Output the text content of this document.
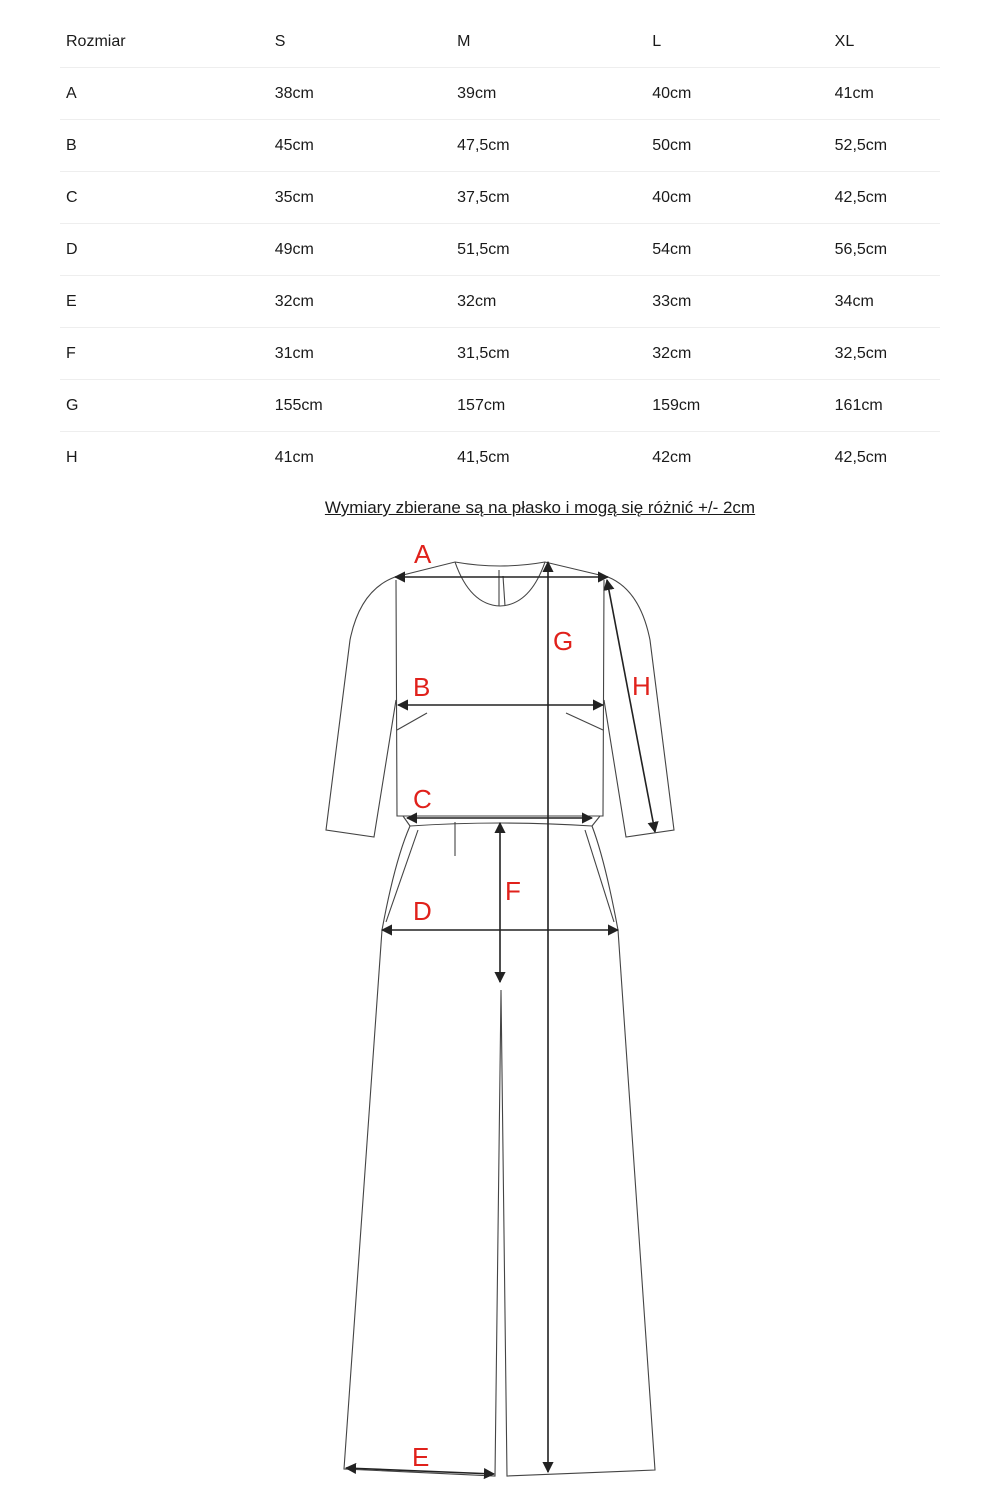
Rozmiar	S	M	L	XL
A	38cm	39cm	40cm	41cm
B	45cm	47,5cm	50cm	52,5cm
C	35cm	37,5cm	40cm	42,5cm
D	49cm	51,5cm	54cm	56,5cm
E	32cm	32cm	33cm	34cm
F	31cm	31,5cm	32cm	32,5cm
G	155cm	157cm	159cm	161cm
H	41cm	41,5cm	42cm	42,5cm
Wymiary zbierane są na płasko i mogą się różnić +/- 2cm
A
B
C
D
E
F
G
H
